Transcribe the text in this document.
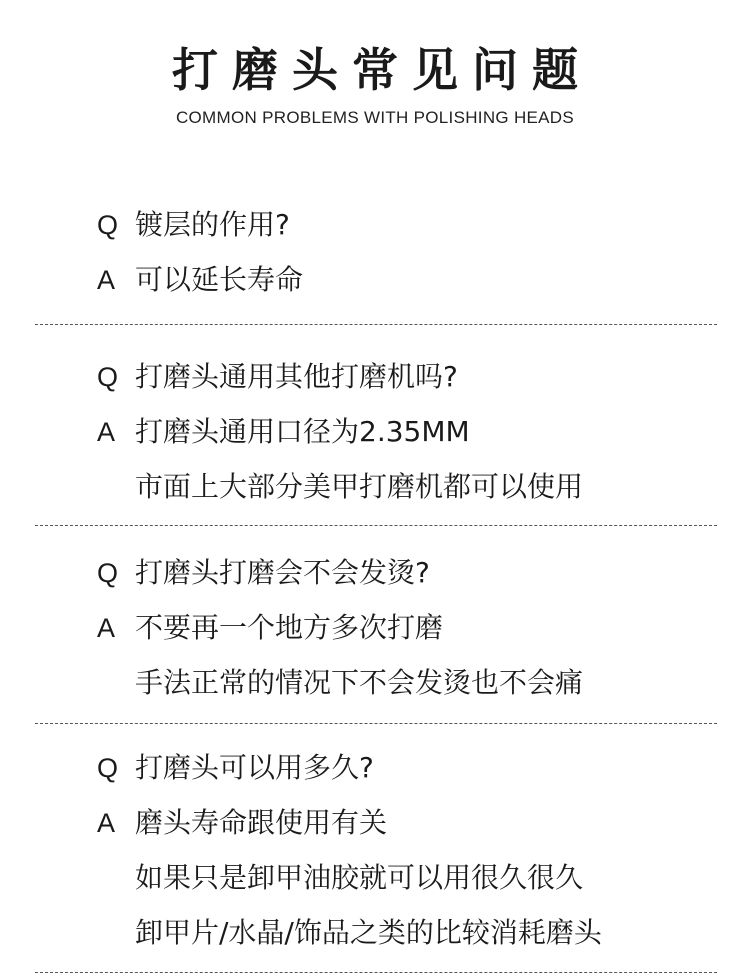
打磨头常见问题
COMMON PROBLEMS WITH POLISHING HEADS
Q 镀层的作用?
A 可以延长寿命
Q 打磨头通用其他打磨机吗?
A 打磨头通用口径为2.35MM
市面上大部分美甲打磨机都可以使用
Q 打磨头打磨会不会发烫?
A 不要再一个地方多次打磨
手法正常的情况下不会发烫也不会痛
Q 打磨头可以用多久?
A 磨头寿命跟使用有关
如果只是卸甲油胶就可以用很久很久
卸甲片/水晶/饰品之类的比较消耗磨头
